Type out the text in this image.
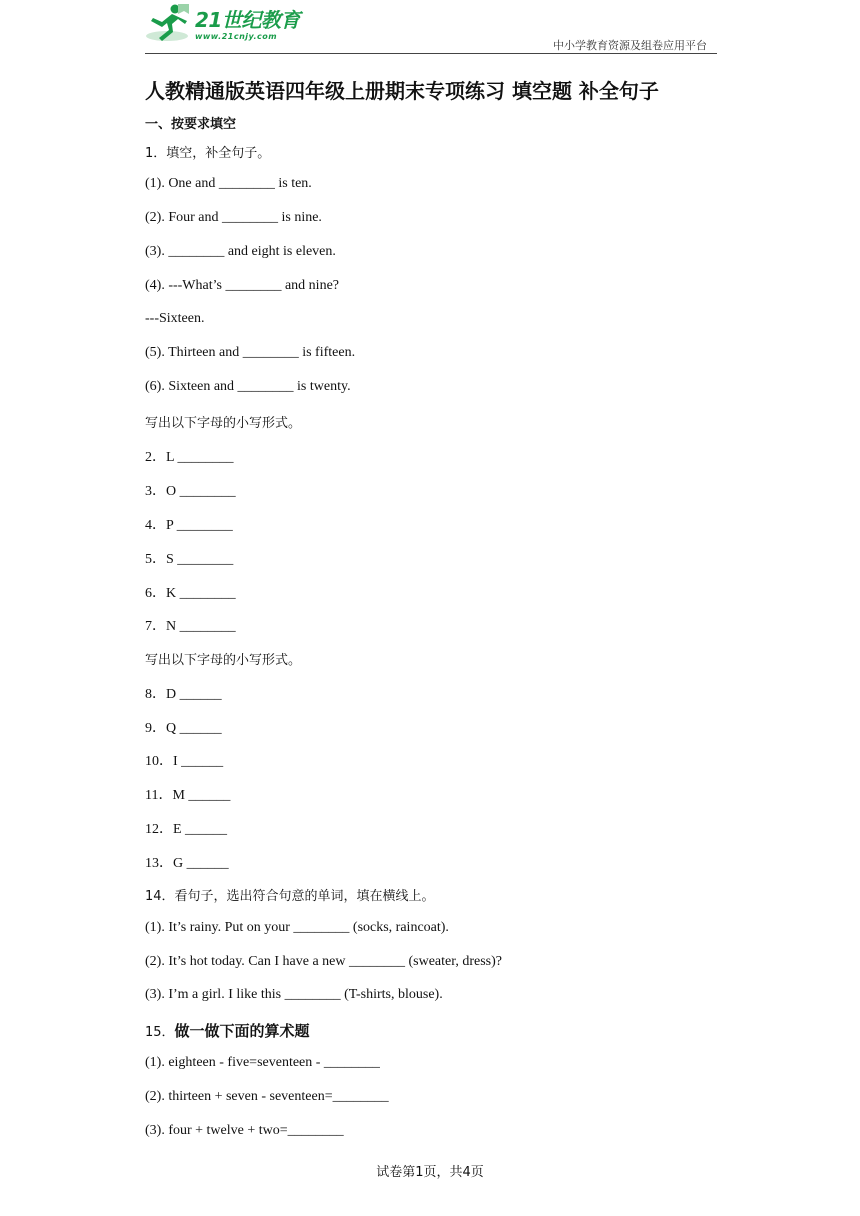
21世纪教育
www.21cnjy.com
中小学教育资源及组卷应用平台
人教精通版英语四年级上册期末专项练习 填空题 补全句子
一、按要求填空
1．填空，补全句子。
(1). One and ________ is ten.
(2). Four and ________ is nine.
(3). ________ and eight is eleven.
(4). ---What’s ________ and nine?
---Sixteen.
(5). Thirteen and ________ is fifteen.
(6). Sixteen and ________ is twenty.
写出以下字母的小写形式。
2．L ________
3．O ________
4．P ________
5．S ________
6．K ________
7．N ________
写出以下字母的小写形式。
8．D ______
9．Q ______
10．I ______
11．M ______
12．E ______
13．G ______
14．看句子，选出符合句意的单词，填在横线上。
(1). It’s rainy. Put on your ________ (socks, raincoat).
(2). It’s hot today. Can I have a new ________ (sweater, dress)?
(3). I’m a girl. I like this ________ (T-shirts, blouse).
15．做一做下面的算术题
(1). eighteen - five=seventeen - ________
(2). thirteen + seven - seventeen=________
(3). four + twelve + two=________
试卷第1页，共4页
